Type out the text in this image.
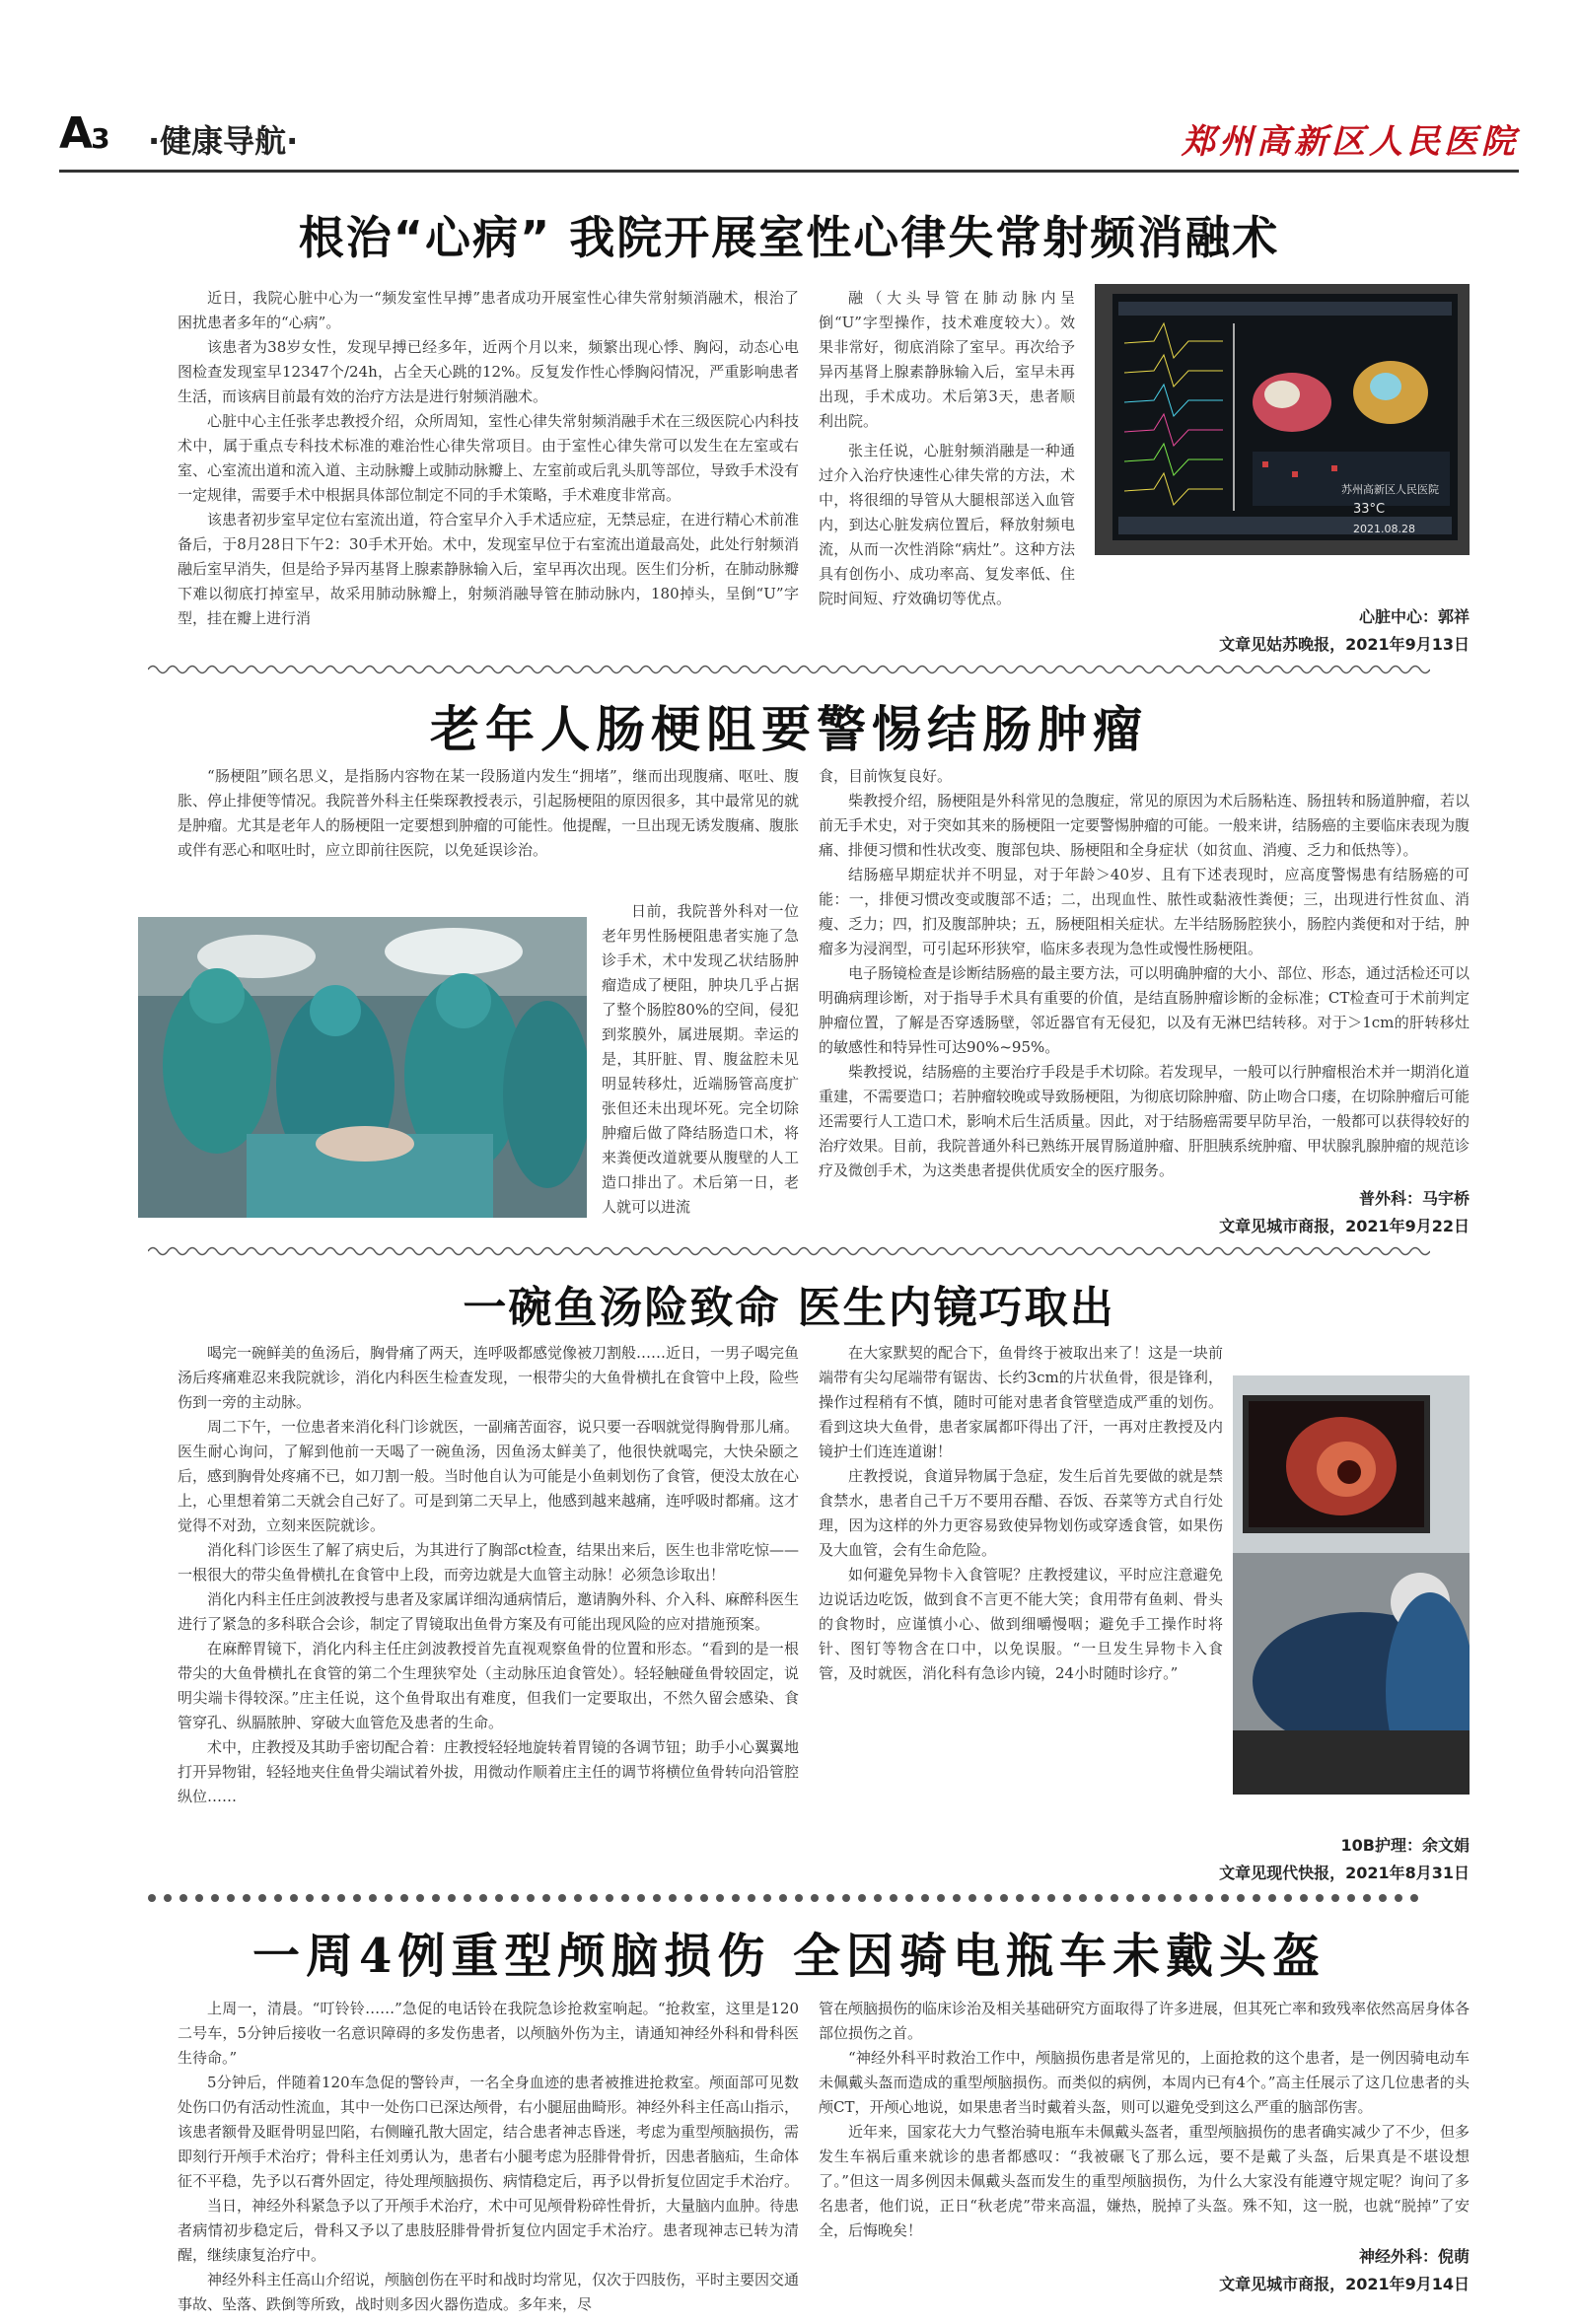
A3 ·健康导航·	郑州高新区人民医院
根治“心病” 我院开展室性心律失常射频消融术

近日，我院心脏中心为一“频发室性早搏”患者成功开展室性心律失常射频消融术，根治了困扰患者多年的“心病”。

该患者为38岁女性，发现早搏已经多年，近两个月以来，频繁出现心悸、胸闷，动态心电图检查发现室早12347个/24h，占全天心跳的12%。反复发作性心悸胸闷情况，严重影响患者生活，而该病目前最有效的治疗方法是进行射频消融术。

心脏中心主任张孝忠教授介绍，众所周知，室性心律失常射频消融手术在三级医院心内科技术中，属于重点专科技术标准的难治性心律失常项目。由于室性心律失常可以发生在左室或右室、心室流出道和流入道、主动脉瓣上或肺动脉瓣上、左室前或后乳头肌等部位，导致手术没有一定规律，需要手术中根据具体部位制定不同的手术策略，手术难度非常高。

该患者初步室早定位右室流出道，符合室早介入手术适应症，无禁忌症，在进行精心术前准备后，于8月28日下午2：30手术开始。术中，发现室早位于右室流出道最高处，此处行射频消融后室早消失，但是给予异丙基肾上腺素静脉输入后，室早再次出现。医生们分析，在肺动脉瓣下难以彻底打掉室早，故采用肺动脉瓣上，射频消融导管在肺动脉内，180掉头，呈倒“U”字型，挂在瓣上进行消

融（大头导管在肺动脉内呈倒“U”字型操作，技术难度较大）。效果非常好，彻底消除了室早。再次给予异丙基肾上腺素静脉输入后，室早未再出现，手术成功。术后第3天，患者顺利出院。

张主任说，心脏射频消融是一种通过介入治疗快速性心律失常的方法，术中，将很细的导管从大腿根部送入血管内，到达心脏发病位置后，释放射频电流，从而一次性消除“病灶”。这种方法具有创伤小、成功率高、复发率低、住院时间短、疗效确切等优点。

苏州高新区人民医院
33°C
2021.08.28
心脏中心：郭祥
文章见姑苏晚报，2021年9月13日
老年人肠梗阻要警惕结肠肿瘤

“肠梗阻”顾名思义，是指肠内容物在某一段肠道内发生“拥堵”，继而出现腹痛、呕吐、腹胀、停止排便等情况。我院普外科主任柴琛教授表示，引起肠梗阻的原因很多，其中最常见的就是肿瘤。尤其是老年人的肠梗阻一定要想到肿瘤的可能性。他提醒，一旦出现无诱发腹痛、腹胀或伴有恶心和呕吐时，应立即前往医院，以免延误诊治。

日前，我院普外科对一位老年男性肠梗阻患者实施了急诊手术，术中发现乙状结肠肿瘤造成了梗阻，肿块几乎占据了整个肠腔80%的空间，侵犯到浆膜外，属进展期。幸运的是，其肝脏、胃、腹盆腔未见明显转移灶，近端肠管高度扩张但还未出现坏死。完全切除肿瘤后做了降结肠造口术，将来粪便改道就要从腹壁的人工造口排出了。术后第一日，老人就可以进流

食，目前恢复良好。

柴教授介绍，肠梗阻是外科常见的急腹症，常见的原因为术后肠粘连、肠扭转和肠道肿瘤，若以前无手术史，对于突如其来的肠梗阻一定要警惕肿瘤的可能。一般来讲，结肠癌的主要临床表现为腹痛、排便习惯和性状改变、腹部包块、肠梗阻和全身症状（如贫血、消瘦、乏力和低热等）。

结肠癌早期症状并不明显，对于年龄＞40岁、且有下述表现时，应高度警惕患有结肠癌的可能：一，排便习惯改变或腹部不适；二，出现血性、脓性或黏液性粪便；三，出现进行性贫血、消瘦、乏力；四，扪及腹部肿块；五，肠梗阻相关症状。左半结肠肠腔狭小，肠腔内粪便和对于结，肿瘤多为浸润型，可引起环形狭窄，临床多表现为急性或慢性肠梗阻。

电子肠镜检查是诊断结肠癌的最主要方法，可以明确肿瘤的大小、部位、形态，通过活检还可以明确病理诊断，对于指导手术具有重要的价值，是结直肠肿瘤诊断的金标准；CT检查可于术前判定肿瘤位置，了解是否穿透肠壁，邻近器官有无侵犯，以及有无淋巴结转移。对于＞1cm的肝转移灶的敏感性和特异性可达90%~95%。

柴教授说，结肠癌的主要治疗手段是手术切除。若发现早，一般可以行肿瘤根治术并一期消化道重建，不需要造口；若肿瘤较晚或导致肠梗阻，为彻底切除肿瘤、防止吻合口瘘，在切除肿瘤后可能还需要行人工造口术，影响术后生活质量。因此，对于结肠癌需要早防早治，一般都可以获得较好的治疗效果。目前，我院普通外科已熟练开展胃肠道肿瘤、肝胆胰系统肿瘤、甲状腺乳腺肿瘤的规范诊疗及微创手术，为这类患者提供优质安全的医疗服务。

普外科：马宇桥
文章见城市商报，2021年9月22日
一碗鱼汤险致命 医生内镜巧取出

喝完一碗鲜美的鱼汤后，胸骨痛了两天，连呼吸都感觉像被刀割般……近日，一男子喝完鱼汤后疼痛难忍来我院就诊，消化内科医生检查发现，一根带尖的大鱼骨横扎在食管中上段，险些伤到一旁的主动脉。

周二下午，一位患者来消化科门诊就医，一副痛苦面容，说只要一吞咽就觉得胸骨那儿痛。医生耐心询问，了解到他前一天喝了一碗鱼汤，因鱼汤太鲜美了，他很快就喝完，大快朵颐之后，感到胸骨处疼痛不已，如刀割一般。当时他自认为可能是小鱼刺划伤了食管，便没太放在心上，心里想着第二天就会自己好了。可是到第二天早上，他感到越来越痛，连呼吸时都痛。这才觉得不对劲，立刻来医院就诊。

消化科门诊医生了解了病史后，为其进行了胸部ct检查，结果出来后，医生也非常吃惊——一根很大的带尖鱼骨横扎在食管中上段，而旁边就是大血管主动脉！必须急诊取出！

消化内科主任庄剑波教授与患者及家属详细沟通病情后，邀请胸外科、介入科、麻醉科医生进行了紧急的多科联合会诊，制定了胃镜取出鱼骨方案及有可能出现风险的应对措施预案。

在麻醉胃镜下，消化内科主任庄剑波教授首先直视观察鱼骨的位置和形态。“看到的是一根带尖的大鱼骨横扎在食管的第二个生理狭窄处（主动脉压迫食管处）。轻轻触碰鱼骨较固定，说明尖端卡得较深。”庄主任说，这个鱼骨取出有难度，但我们一定要取出，不然久留会感染、食管穿孔、纵膈脓肿、穿破大血管危及患者的生命。

术中，庄教授及其助手密切配合着：庄教授轻轻地旋转着胃镜的各调节钮；助手小心翼翼地打开异物钳，轻轻地夹住鱼骨尖端试着外拔，用微动作顺着庄主任的调节将横位鱼骨转向沿管腔纵位……

在大家默契的配合下，鱼骨终于被取出来了！这是一块前端带有尖勾尾端带有锯齿、长约3cm的片状鱼骨，很是锋利，操作过程稍有不慎，随时可能对患者食管壁造成严重的划伤。看到这块大鱼骨，患者家属都吓得出了汗，一再对庄教授及内镜护士们连连道谢！

庄教授说，食道异物属于急症，发生后首先要做的就是禁食禁水，患者自己千万不要用吞醋、吞饭、吞菜等方式自行处理，因为这样的外力更容易致使异物划伤或穿透食管，如果伤及大血管，会有生命危险。

如何避免异物卡入食管呢？庄教授建议，平时应注意避免边说话边吃饭，做到食不言更不能大笑；食用带有鱼刺、骨头的食物时，应谨慎小心、做到细嚼慢咽；避免手工操作时将针、图钉等物含在口中，以免误服。“一旦发生异物卡入食管，及时就医，消化科有急诊内镜，24小时随时诊疗。”

10B护理：余文娟
文章见现代快报，2021年8月31日
一周4例重型颅脑损伤 全因骑电瓶车未戴头盔

上周一，清晨。“叮铃铃……”急促的电话铃在我院急诊抢救室响起。“抢救室，这里是120二号车，5分钟后接收一名意识障碍的多发伤患者，以颅脑外伤为主，请通知神经外科和骨科医生待命。”

5分钟后，伴随着120车急促的警铃声，一名全身血迹的患者被推进抢救室。颅面部可见数处伤口仍有活动性流血，其中一处伤口已深达颅骨，右小腿屈曲畸形。神经外科主任高山指示，该患者额骨及眶骨明显凹陷，右侧瞳孔散大固定，结合患者神志昏迷，考虑为重型颅脑损伤，需即刻行开颅手术治疗；骨科主任刘勇认为，患者右小腿考虑为胫腓骨骨折，因患者脑疝，生命体征不平稳，先予以石膏外固定，待处理颅脑损伤、病情稳定后，再予以骨折复位固定手术治疗。

当日，神经外科紧急予以了开颅手术治疗，术中可见颅骨粉碎性骨折，大量脑内血肿。待患者病情初步稳定后，骨科又予以了患肢胫腓骨骨折复位内固定手术治疗。患者现神志已转为清醒，继续康复治疗中。

神经外科主任高山介绍说，颅脑创伤在平时和战时均常见，仅次于四肢伤，平时主要因交通事故、坠落、跌倒等所致，战时则多因火器伤造成。多年来，尽

管在颅脑损伤的临床诊治及相关基础研究方面取得了许多进展，但其死亡率和致残率依然高居身体各部位损伤之首。

“神经外科平时救治工作中，颅脑损伤患者是常见的，上面抢救的这个患者，是一例因骑电动车未佩戴头盔而造成的重型颅脑损伤。而类似的病例，本周内已有4个。”高主任展示了这几位患者的头颅CT，开颅心地说，如果患者当时戴着头盔，则可以避免受到这么严重的脑部伤害。

近年来，国家花大力气整治骑电瓶车未佩戴头盔者，重型颅脑损伤的患者确实减少了不少，但多发生车祸后重来就诊的患者都感叹：“我被碾飞了那么远，要不是戴了头盔，后果真是不堪设想了。”但这一周多例因未佩戴头盔而发生的重型颅脑损伤，为什么大家没有能遵守规定呢？询问了多名患者，他们说，正日“秋老虎”带来高温，嫌热，脱掉了头盔。殊不知，这一脱，也就“脱掉”了安全，后悔晚矣！

神经外科：倪萌
文章见城市商报，2021年9月14日
